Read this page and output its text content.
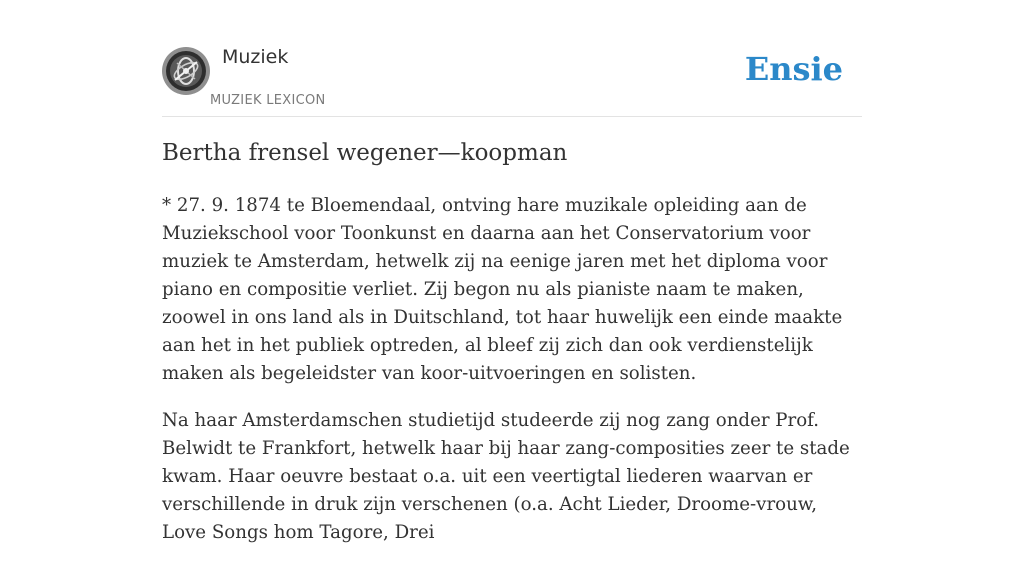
Muziek
MUZIEK LEXICON
Ensie
Bertha frensel wegener—koopman

* 27. 9. 1874 te Bloemendaal, ontving hare muzikale opleiding aan de Muziekschool voor Toonkunst en daarna aan het Conservatorium voor muziek te Amsterdam, hetwelk zij na eenige jaren met het diploma voor piano en compositie verliet. Zij begon nu als pianiste naam te maken, zoowel in ons land als in Duitschland, tot haar huwelijk een einde maakte aan het in het publiek optreden, al bleef zij zich dan ook verdienstelijk maken als begeleidster van koor-uitvoeringen en solisten.

Na haar Amsterdamschen studietijd studeerde zij nog zang onder Prof. Belwidt te Frankfort, hetwelk haar bij haar zang-composities zeer te stade kwam. Haar oeuvre bestaat o.a. uit een veertigtal liederen waarvan er verschillende in druk zijn verschenen (o.a. Acht Lieder, Droome-vrouw, Love Songs hom Tagore, Drei
